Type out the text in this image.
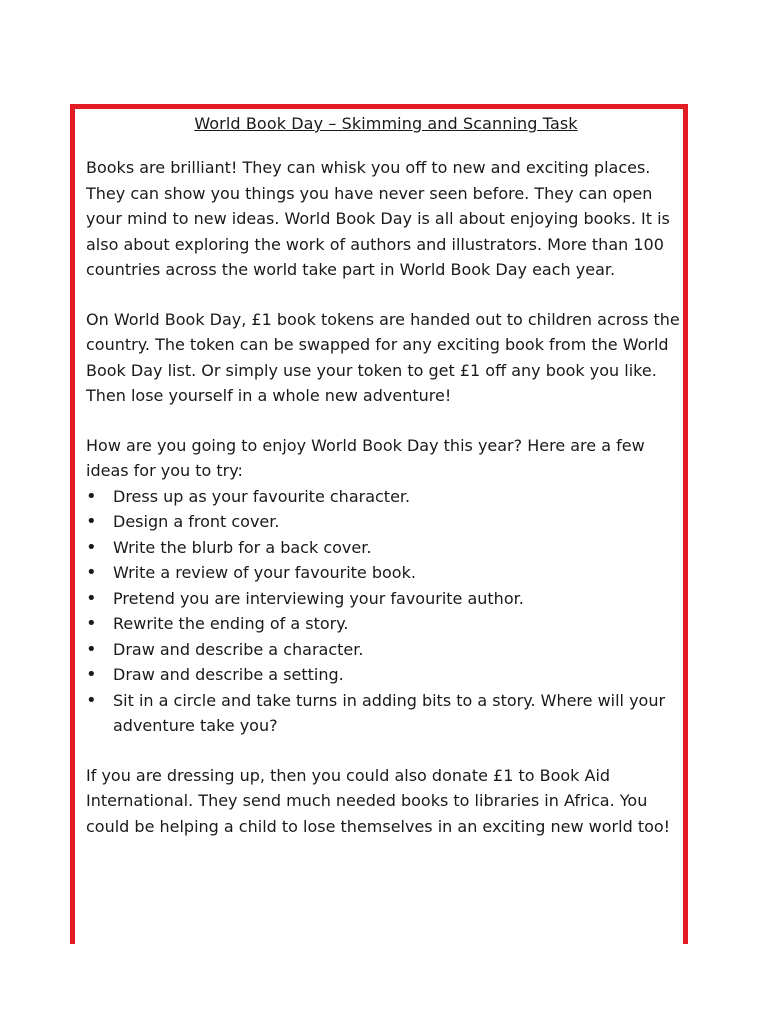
World Book Day – Skimming and Scanning Task

Books are brilliant! They can whisk you off to new and exciting places. They can show you things you have never seen before. They can open your mind to new ideas. World Book Day is all about enjoying books. It is also about exploring the work of authors and illustrators. More than 100 countries across the world take part in World Book Day each year.

On World Book Day, £1 book tokens are handed out to children across the country. The token can be swapped for any exciting book from the World Book Day list. Or simply use your token to get £1 off any book you like. Then lose yourself in a whole new adventure!

How are you going to enjoy World Book Day this year? Here are a few ideas for you to try:

• Dress up as your favourite character.
• Design a front cover.
• Write the blurb for a back cover.
• Write a review of your favourite book.
• Pretend you are interviewing your favourite author.
• Rewrite the ending of a story.
• Draw and describe a character.
• Draw and describe a setting.
• Sit in a circle and take turns in adding bits to a story. Where will your adventure take you?

If you are dressing up, then you could also donate £1 to Book Aid International. They send much needed books to libraries in Africa. You could be helping a child to lose themselves in an exciting new world too!
